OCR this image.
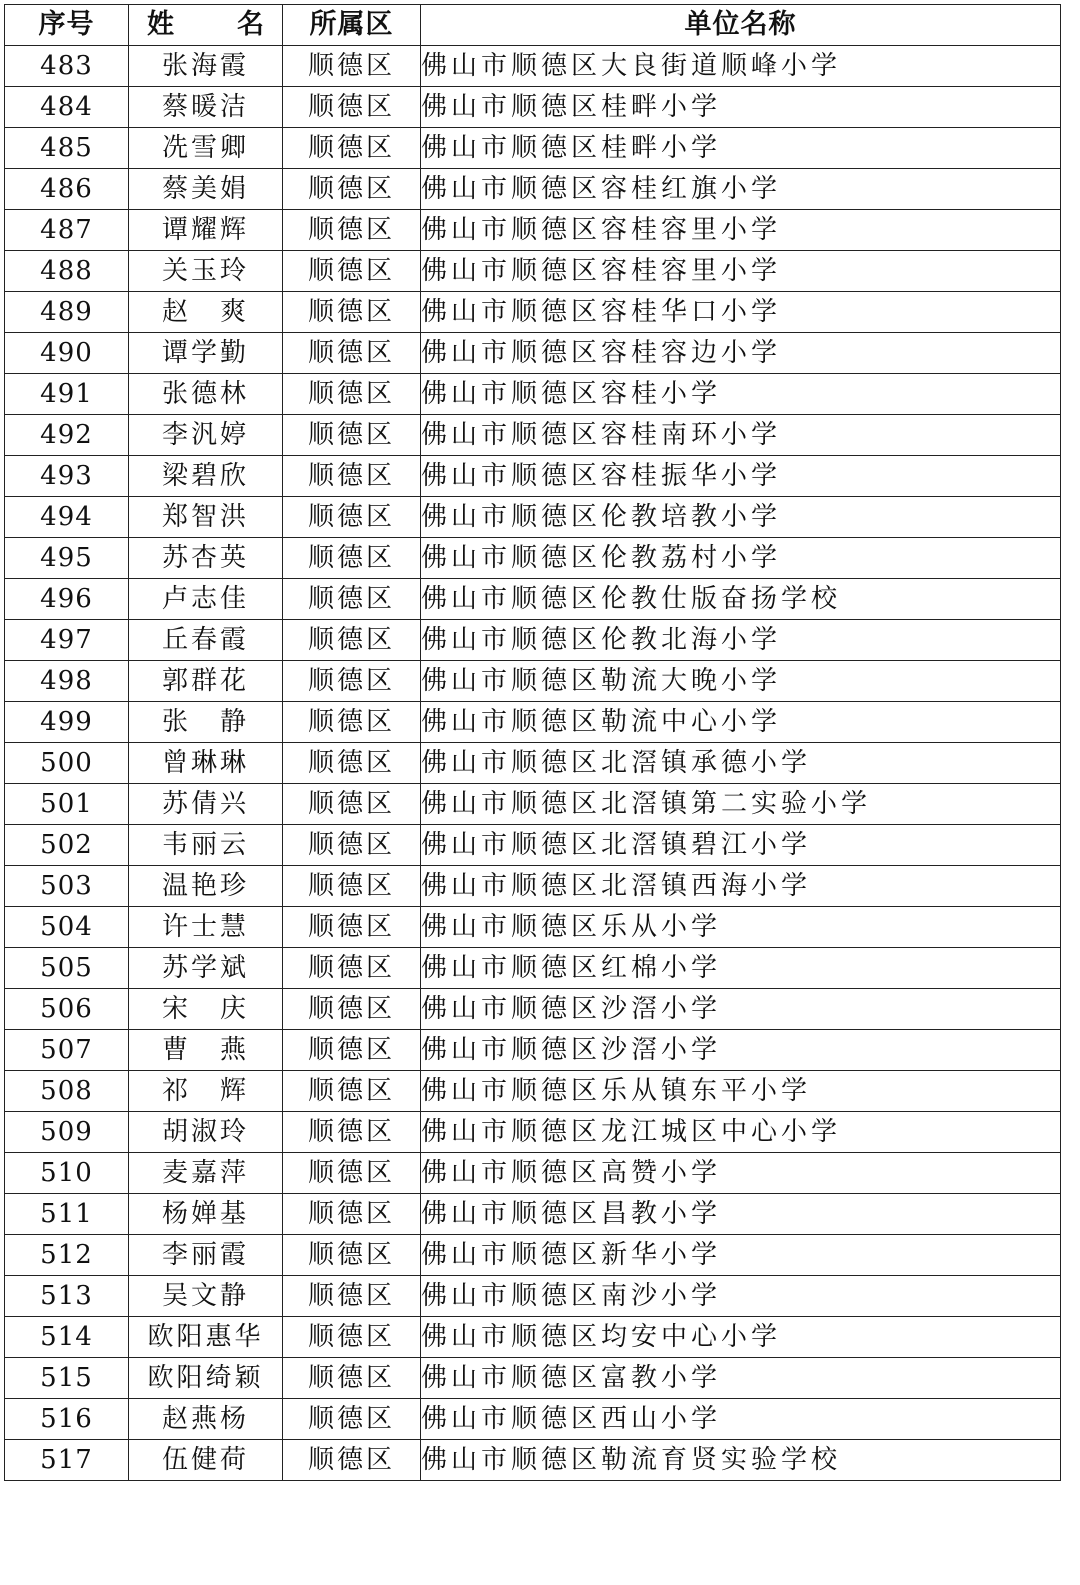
序号	姓　名	所属区	单位名称
483	张海霞	顺德区	佛山市顺德区大良街道顺峰小学
484	蔡暖洁	顺德区	佛山市顺德区桂畔小学
485	冼雪卿	顺德区	佛山市顺德区桂畔小学
486	蔡美娟	顺德区	佛山市顺德区容桂红旗小学
487	谭耀辉	顺德区	佛山市顺德区容桂容里小学
488	关玉玲	顺德区	佛山市顺德区容桂容里小学
489	赵　爽	顺德区	佛山市顺德区容桂华口小学
490	谭学勤	顺德区	佛山市顺德区容桂容边小学
491	张德林	顺德区	佛山市顺德区容桂小学
492	李汎婷	顺德区	佛山市顺德区容桂南环小学
493	梁碧欣	顺德区	佛山市顺德区容桂振华小学
494	郑智洪	顺德区	佛山市顺德区伦教培教小学
495	苏杏英	顺德区	佛山市顺德区伦教荔村小学
496	卢志佳	顺德区	佛山市顺德区伦教仕版奋扬学校
497	丘春霞	顺德区	佛山市顺德区伦教北海小学
498	郭群花	顺德区	佛山市顺德区勒流大晚小学
499	张　静	顺德区	佛山市顺德区勒流中心小学
500	曾琳琳	顺德区	佛山市顺德区北滘镇承德小学
501	苏倩兴	顺德区	佛山市顺德区北滘镇第二实验小学
502	韦丽云	顺德区	佛山市顺德区北滘镇碧江小学
503	温艳珍	顺德区	佛山市顺德区北滘镇西海小学
504	许士慧	顺德区	佛山市顺德区乐从小学
505	苏学斌	顺德区	佛山市顺德区红棉小学
506	宋　庆	顺德区	佛山市顺德区沙滘小学
507	曹　燕	顺德区	佛山市顺德区沙滘小学
508	祁　辉	顺德区	佛山市顺德区乐从镇东平小学
509	胡淑玲	顺德区	佛山市顺德区龙江城区中心小学
510	麦嘉萍	顺德区	佛山市顺德区高赞小学
511	杨婵基	顺德区	佛山市顺德区昌教小学
512	李丽霞	顺德区	佛山市顺德区新华小学
513	吴文静	顺德区	佛山市顺德区南沙小学
514	欧阳惠华	顺德区	佛山市顺德区均安中心小学
515	欧阳绮颖	顺德区	佛山市顺德区富教小学
516	赵燕杨	顺德区	佛山市顺德区西山小学
517	伍健荷	顺德区	佛山市顺德区勒流育贤实验学校
